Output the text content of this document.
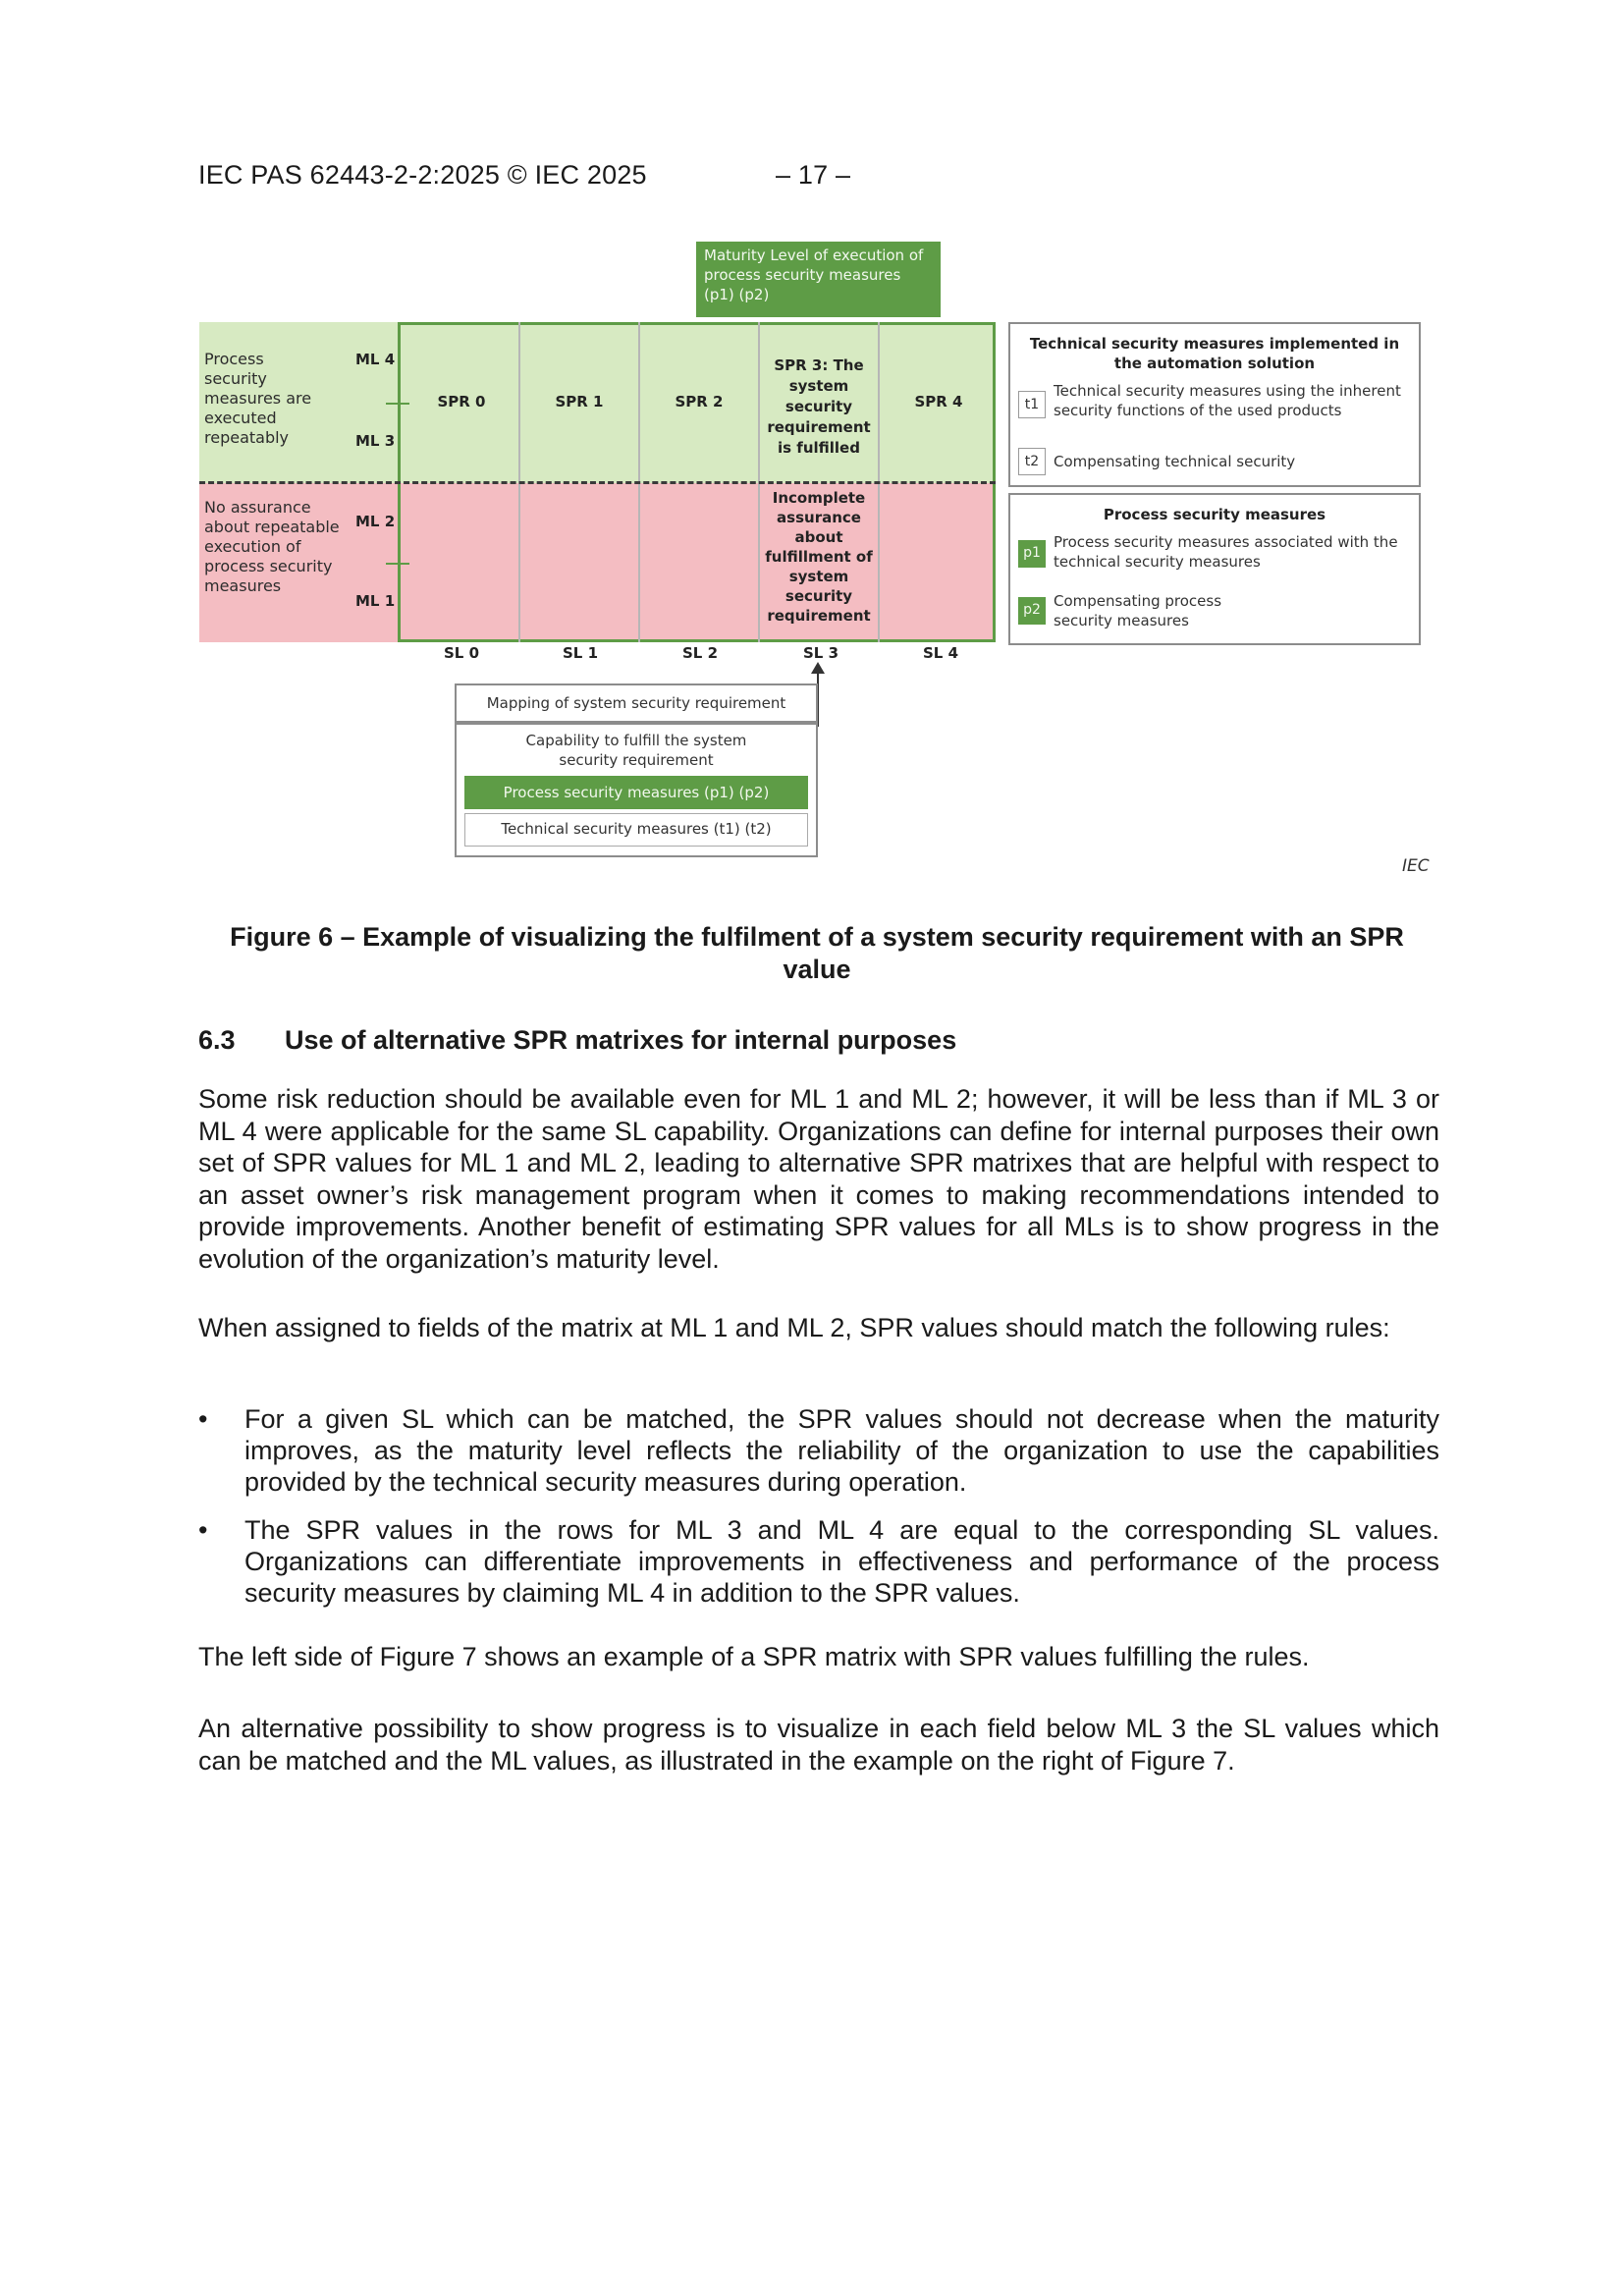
IEC PAS 62443-2-2:2025 © IEC 2025	– 17 –
Maturity Level of execution of process security measures (p1) (p2)
Process security measures are executed repeatably
No assurance about repeatable execution of process security measures
ML 4
ML 3
ML 2
ML 1
SPR 0	SPR 1	SPR 2
SPR 3: The system security requirement is fulfilled
SPR 4
Incomplete assurance about fulfillment of system security requirement
SL 0	SL 1	SL 2	SL 3	SL 4
Technical security measures implemented in the automation solution
t1
Technical security measures using the inherent security functions of the used products
t2 Compensating technical security
Process security measures
p1
Process security measures associated with the technical security measures
p2 Compensating process security measures
Mapping of system security requirement
Capability to fulfill the system security requirement
Process security measures (p1) (p2)
Technical security measures (t1) (t2)
IEC
Figure 6 – Example of visualizing the fulfilment of a system security requirement with an SPR value
6.3 Use of alternative SPR matrixes for internal purposes
Some risk reduction should be available even for ML 1 and ML 2; however, it will be less than if ML 3 or ML 4 were applicable for the same SL capability. Organizations can define for internal purposes their own set of SPR values for ML 1 and ML 2, leading to alternative SPR matrixes that are helpful with respect to an asset owner’s risk management program when it comes to making recommendations intended to provide improvements. Another benefit of estimating SPR values for all MLs is to show progress in the evolution of the organization’s maturity level.
When assigned to fields of the matrix at ML 1 and ML 2, SPR values should match the following rules:
• For a given SL which can be matched, the SPR values should not decrease when the maturity improves, as the maturity level reflects the reliability of the organization to use the capabilities provided by the technical security measures during operation.
• The SPR values in the rows for ML 3 and ML 4 are equal to the corresponding SL values. Organizations can differentiate improvements in effectiveness and performance of the process security measures by claiming ML 4 in addition to the SPR values.
The left side of Figure 7 shows an example of a SPR matrix with SPR values fulfilling the rules.
An alternative possibility to show progress is to visualize in each field below ML 3 the SL values which can be matched and the ML values, as illustrated in the example on the right of Figure 7.
